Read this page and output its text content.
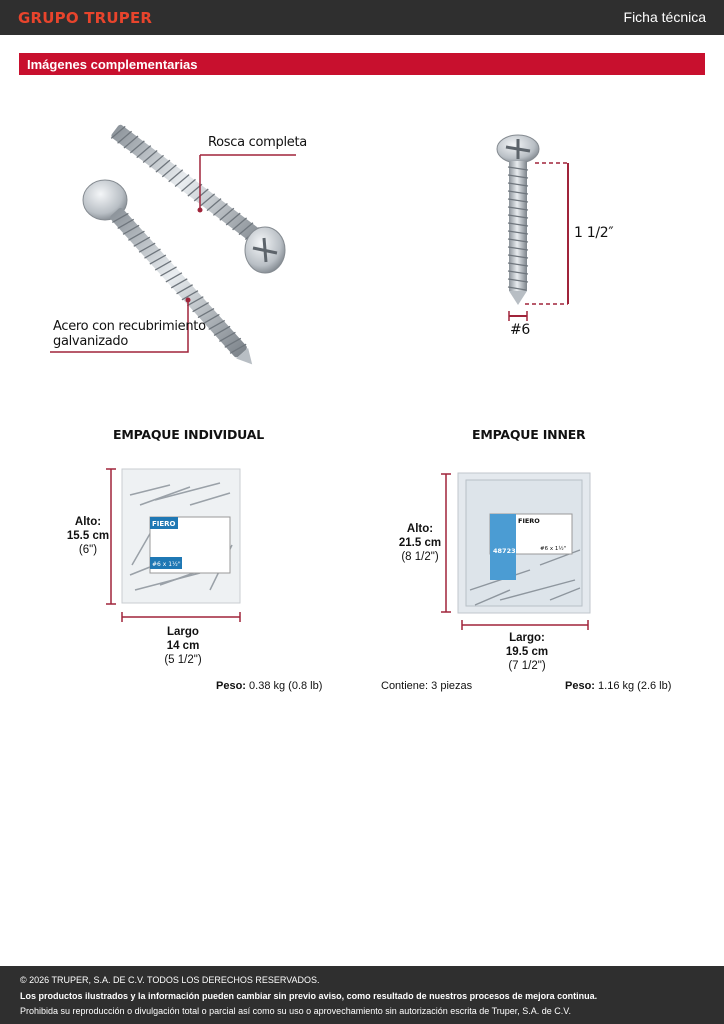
GRUPO TRUPER	Ficha técnica
Imágenes complementarias
Rosca completa
Acero con recubrimiento
galvanizado
1 1/2″
#6
EMPAQUE INDIVIDUAL
FIERO
#6 x 1½"
Alto:
15.5 cm
(6")
Largo
14 cm
(5 1/2")
Peso: 0.38 kg (0.8 lb)
EMPAQUE INNER
FIERO
48723	#6 x 1½"
Alto:
21.5 cm
(8 1/2")
Largo:
19.5 cm
(7 1/2")
Contiene: 3 piezas	Peso: 1.16 kg (2.6 lb)
© 2026 TRUPER, S.A. DE C.V. TODOS LOS DERECHOS RESERVADOS.
Los productos ilustrados y la información pueden cambiar sin previo aviso, como resultado de nuestros procesos de mejora continua.
Prohibida su reproducción o divulgación total o parcial así como su uso o aprovechamiento sin autorización escrita de Truper, S.A. de C.V.
